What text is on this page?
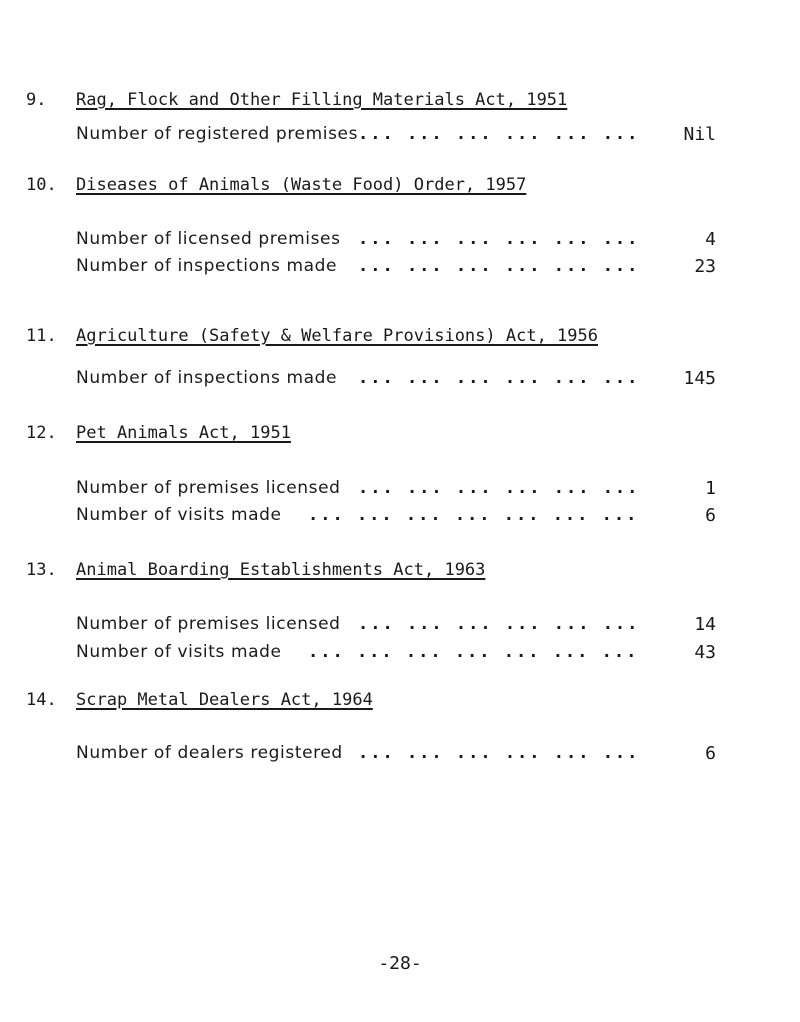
9.	Rag, Flock and Other Filling Materials Act, 1951
Number of registered premises ... ... ... ... ... ... Nil
10.	Diseases of Animals (Waste Food) Order, 1957
Number of licensed premises ... ... ... ... ... ...	4
Number of inspections made ... ... ... ... ... ...	23
11.	Agriculture (Safety & Welfare Provisions) Act, 1956
Number of inspections made ... ... ... ... ... ... 145
12.	Pet Animals Act, 1951
Number of premises licensed ... ... ... ... ... ...	1
Number of visits made ... ... ... ... ... ... ...	6
13.	Animal Boarding Establishments Act, 1963
Number of premises licensed ... ... ... ... ... ...	14
Number of visits made ... ... ... ... ... ... ...	43
14.	Scrap Metal Dealers Act, 1964
Number of dealers registered ... ... ... ... ... ...	6
-28-
